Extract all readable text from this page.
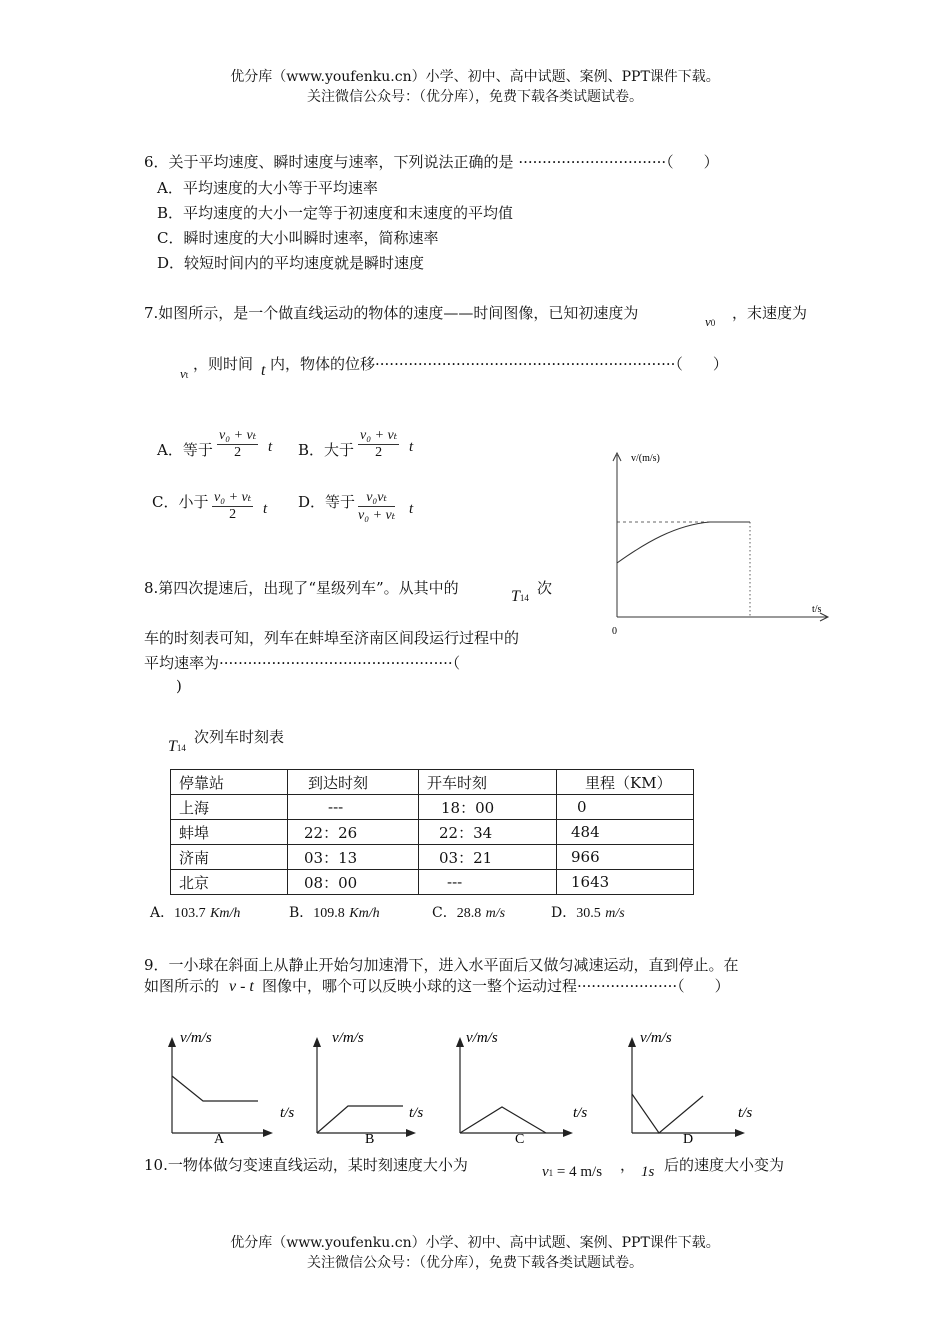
优分库（www.youfenku.cn）小学、初中、高中试题、案例、PPT课件下载。
关注微信公众号：（优分库），免费下载各类试题试卷。
6．关于平均速度、瞬时速度与速率，下列说法正确的是 ·······························（　　）
A．平均速度的大小等于平均速率
B．平均速度的大小一定等于初速度和末速度的平均值
C．瞬时速度的大小叫瞬时速率，简称速率
D．较短时间内的平均速度就是瞬时速度
7.如图所示，是一个做直线运动的物体的速度——时间图像，已知初速度为	v0
，末速度为
vt
，则时间 t 内，物体的位移·······························································（　　）
A．等于 $\frac{\text{v₀ + vₜ}}{2}$ t B．大于 $\frac{\text{v₀ + vₜ}}{2}$ t
C．小于 $\frac{\text{v₀ + vₜ}}{2}$ t D．等于 $\frac{\text{v₀vₜ}}{\text{v₀ + vₜ}}$ t
v/(m/s)
t/s
0
8.第四次提速后，出现了“星级列车”。从其中的	T14
次
车的时刻表可知，列车在蚌埠至济南区间段运行过程中的
平均速率为·················································（
)
T14
次列车时刻表
停靠站	到达时刻	开车时刻	里程（KM）
上海	---	18：00	0
蚌埠	22：26	22：34	484
济南	03：13	03：21	966
北京	08：00	---	1643
A．103.7 Km/h	B．109.8 Km/h	C．28.8 m/s	D．30.5 m/s
9．一小球在斜面上从静止开始匀加速滑下，进入水平面后又做匀减速运动，直到停止。在
如图所示的 v - t 图像中，哪个可以反映小球的这一整个运动过程·····················（　　）
v/m/s
t/s
A
v/m/s
t/s
B
v/m/s
t/s
C
v/m/s
t/s
D
10.一物体做匀变速直线运动，某时刻速度大小为	v1 = 4 m/s ， 1s 后的速度大小变为
优分库（www.youfenku.cn）小学、初中、高中试题、案例、PPT课件下载。
关注微信公众号：（优分库），免费下载各类试题试卷。
